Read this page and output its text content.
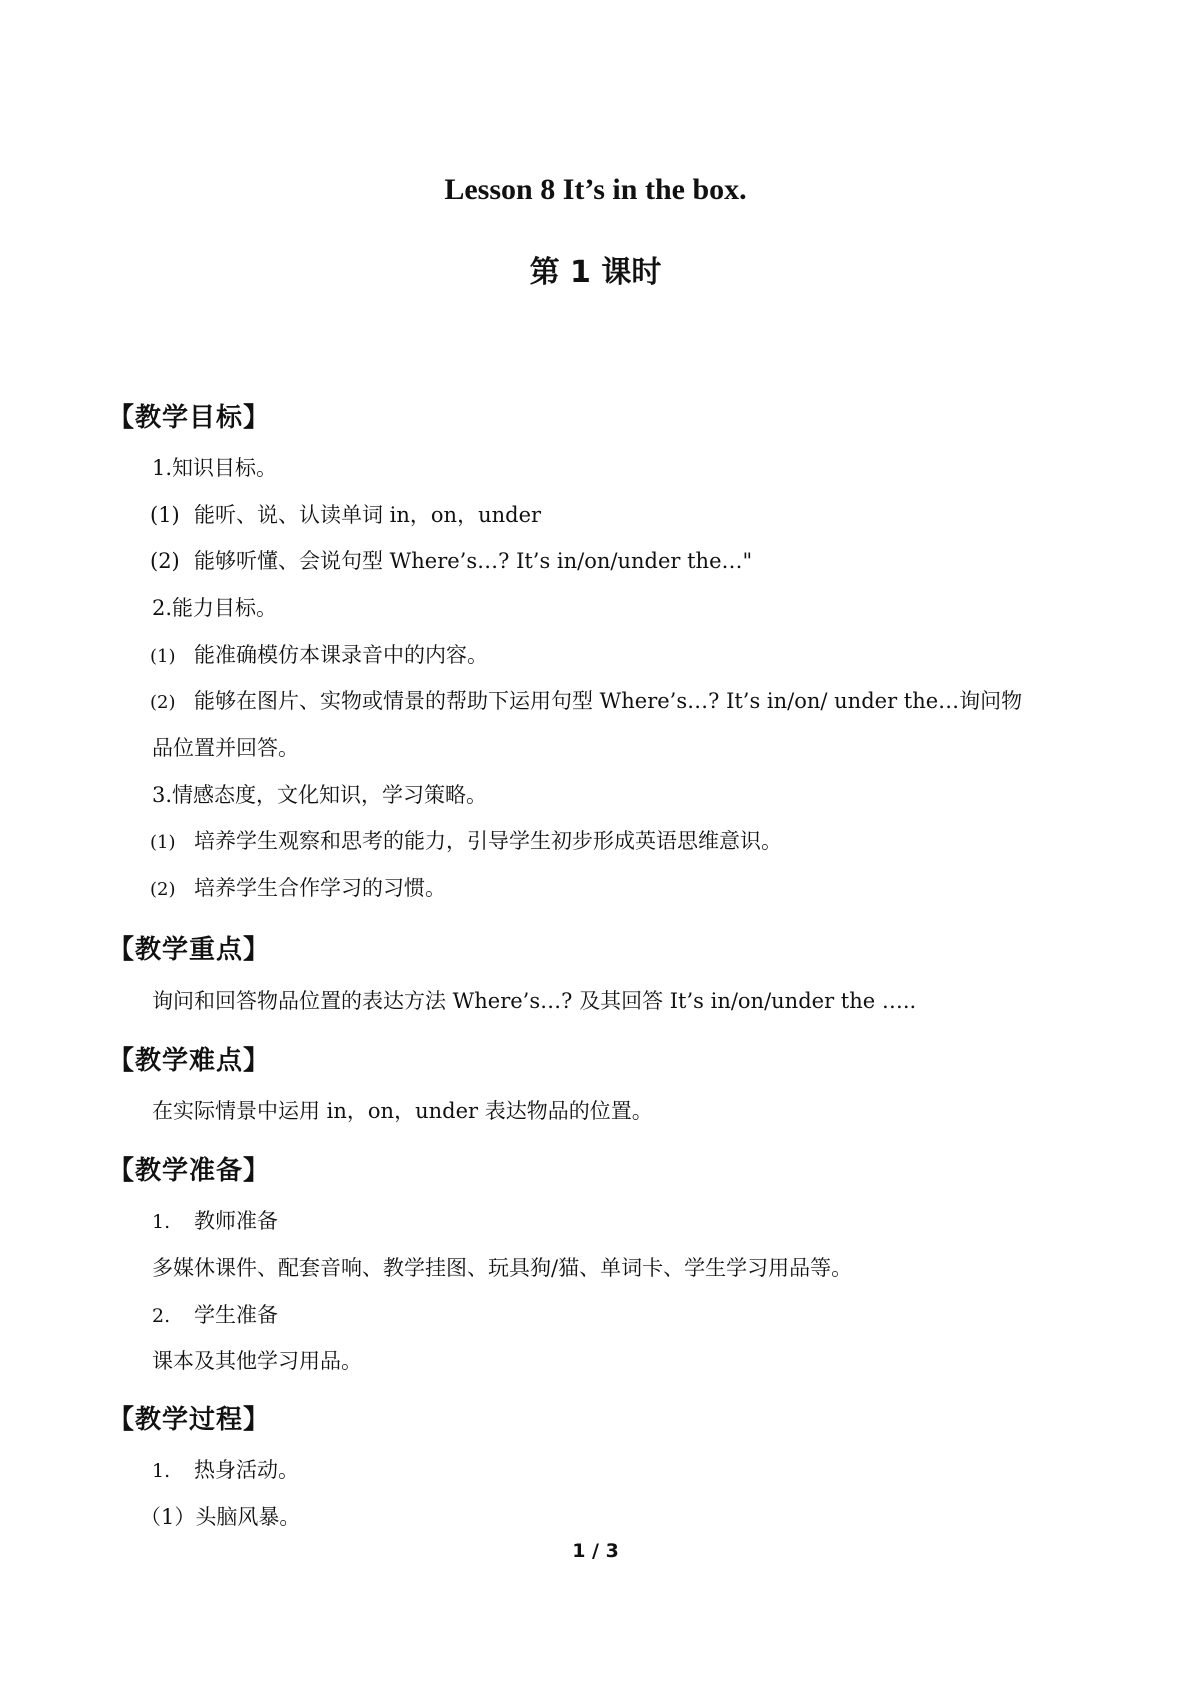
Lesson 8 It’s in the box.
第 1 课时
【教学目标】
1.知识目标。
(1) 能听、说、认读单词 in，on，under
(2) 能够听懂、会说句型 Where’s…? It’s in/on/under the…"
2.能力目标。
(1) 能准确模仿本课录音中的内容。
(2) 能够在图片、实物或情景的帮助下运用句型 Where’s…? It’s in/on/ under the…询问物
品位置并回答。
3.情感态度，文化知识，学习策略。
(1) 培养学生观察和思考的能力，引导学生初步形成英语思维意识。
(2) 培养学生合作学习的习惯。
【教学重点】
询问和回答物品位置的表达方法 Where’s…? 及其回答 It’s in/on/under the …..
【教学难点】
在实际情景中运用 in，on，under 表达物品的位置。
【教学准备】
1. 教师准备
多媒休课件、配套音响、教学挂图、玩具狗/猫、单词卡、学生学习用品等。
2. 学生准备
课本及其他学习用品。
【教学过程】
1. 热身活动。
（1）头脑风暴。
1 / 3
